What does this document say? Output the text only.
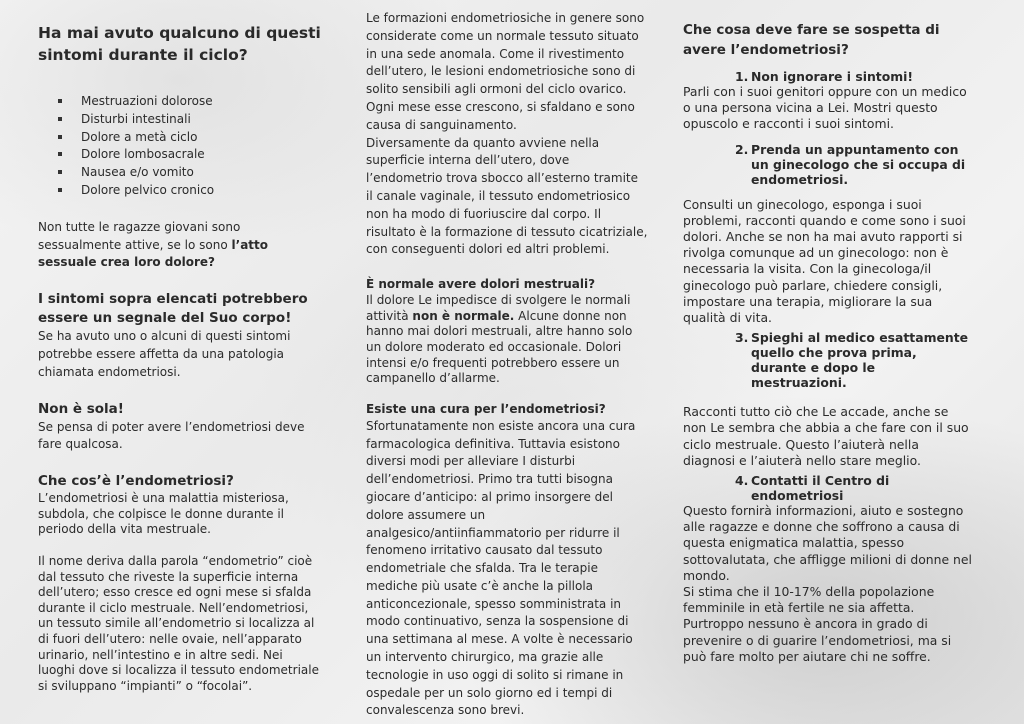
Ha mai avuto qualcuno di questi sintomi durante il ciclo?
Mestruazioni dolorose
Disturbi intestinali
Dolore a metà ciclo
Dolore lombosacrale
Nausea e/o vomito
Dolore pelvico cronico

Non tutte le ragazze giovani sono sessualmente attive, se lo sono l’atto sessuale crea loro dolore?

I sintomi sopra elencati potrebbero essere un segnale del Suo corpo!

Se ha avuto uno o alcuni di questi sintomi potrebbe essere affetta da una patologia chiamata endometriosi.

Non è sola!

Se pensa di poter avere l’endometriosi deve fare qualcosa.

Che cos’è l’endometriosi?

L’endometriosi è una malattia misteriosa, subdola, che colpisce le donne durante il periodo della vita mestruale.

Il nome deriva dalla parola “endometrio” cioè dal tessuto che riveste la superficie interna dell’utero; esso cresce ed ogni mese si sfalda durante il ciclo mestruale. Nell’endometriosi, un tessuto simile all’endometrio si localizza al di fuori dell’utero: nelle ovaie, nell’apparato urinario, nell’intestino e in altre sedi. Nei luoghi dove si localizza il tessuto endometriale si sviluppano “impianti” o “focolai”.

Le formazioni endometriosiche in genere sono considerate come un normale tessuto situato in una sede anomala. Come il rivestimento dell’utero, le lesioni endometriosiche sono di solito sensibili agli ormoni del ciclo ovarico. Ogni mese esse crescono, si sfaldano e sono causa di sanguinamento.

Diversamente da quanto avviene nella superficie interna dell’utero, dove l’endometrio trova sbocco all’esterno tramite il canale vaginale, il tessuto endometriosico non ha modo di fuoriuscire dal corpo. Il risultato è la formazione di tessuto cicatriziale, con conseguenti dolori ed altri problemi.

È normale avere dolori mestruali?

Il dolore Le impedisce di svolgere le normali attività non è normale. Alcune donne non hanno mai dolori mestruali, altre hanno solo un dolore moderato ed occasionale. Dolori intensi e/o frequenti potrebbero essere un campanello d’allarme.

Esiste una cura per l’endometriosi?

Sfortunatamente non esiste ancora una cura farmacologica definitiva. Tuttavia esistono diversi modi per alleviare I disturbi dell’endometriosi. Primo tra tutti bisogna giocare d’anticipo: al primo insorgere del dolore assumere un analgesico/antiinfiammatorio per ridurre il fenomeno irritativo causato dal tessuto endometriale che sfalda. Tra le terapie mediche più usate c’è anche la pillola anticoncezionale, spesso somministrata in modo continuativo, senza la sospensione di una settimana al mese. A volte è necessario un intervento chirurgico, ma grazie alle tecnologie in uso oggi di solito si rimane in ospedale per un solo giorno ed i tempi di convalescenza sono brevi.

Che cosa deve fare se sospetta di avere l’endometriosi?
1. Non ignorare i sintomi!

Parli con i suoi genitori oppure con un medico o una persona vicina a Lei. Mostri questo opuscolo e racconti i suoi sintomi.

2. Prenda un appuntamento con un ginecologo che si occupa di endometriosi.

Consulti un ginecologo, esponga i suoi problemi, racconti quando e come sono i suoi dolori. Anche se non ha mai avuto rapporti si rivolga comunque ad un ginecologo: non è necessaria la visita. Con la ginecologa/il ginecologo può parlare, chiedere consigli, impostare una terapia, migliorare la sua qualità di vita.

3. Spieghi al medico esattamente quello che prova prima, durante e dopo le mestruazioni.

Racconti tutto ciò che Le accade, anche se non Le sembra che abbia a che fare con il suo ciclo mestruale. Questo l’aiuterà nella diagnosi e l’aiuterà nello stare meglio.

4. Contatti il Centro di endometriosi

Questo fornirà informazioni, aiuto e sostegno alle ragazze e donne che soffrono a causa di questa enigmatica malattia, spesso sottovalutata, che affligge milioni di donne nel mondo.

Si stima che il 10-17% della popolazione femminile in età fertile ne sia affetta.

Purtroppo nessuno è ancora in grado di prevenire o di guarire l’endometriosi, ma si può fare molto per aiutare chi ne soffre.
